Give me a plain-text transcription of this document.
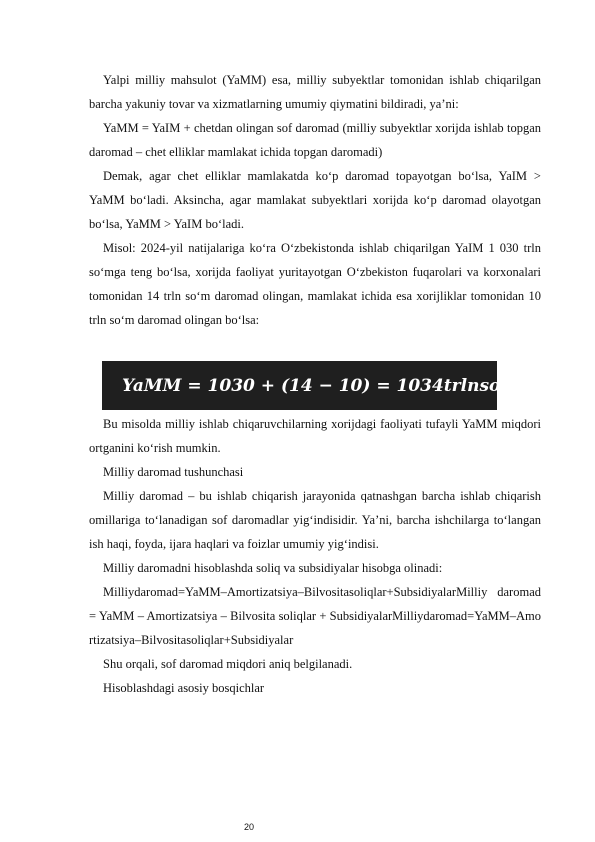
Yalpi milliy mahsulot (YaMM) esa, milliy subyektlar tomonidan ishlab chiqarilgan barcha yakuniy tovar va xizmatlarning umumiy qiymatini bildiradi, ya’ni:

YaMM = YaIM + chetdan olingan sof daromad (milliy subyektlar xorijda ishlab topgan daromad – chet elliklar mamlakat ichida topgan daromadi)

Demak, agar chet elliklar mamlakatda ko‘p daromad topayotgan bo‘lsa, YaIM > YaMM bo‘ladi. Aksincha, agar mamlakat subyektlari xorijda ko‘p daromad olayotgan bo‘lsa, YaMM > YaIM bo‘ladi.

Misol: 2024-yil natijalariga ko‘ra O‘zbekistonda ishlab chiqarilgan YaIM 1 030 trln so‘mga teng bo‘lsa, xorijda faoliyat yuritayotgan O‘zbekiston fuqarolari va korxonalari tomonidan 14 trln so‘m daromad olingan, mamlakat ichida esa xorijliklar tomonidan 10 trln so‘m daromad olingan bo‘lsa:

YaMM = 1030 + (14 − 10) = 1034trlnso‘m

Bu misolda milliy ishlab chiqaruvchilarning xorijdagi faoliyati tufayli YaMM miqdori ortganini ko‘rish mumkin.

Milliy daromad tushunchasi

Milliy daromad – bu ishlab chiqarish jarayonida qatnashgan barcha ishlab chiqarish omillariga to‘lanadigan sof daromadlar yig‘indisidir. Ya’ni, barcha ishchilarga to‘langan ish haqi, foyda, ijara haqlari va foizlar umumiy yig‘indisi.

Milliy daromadni hisoblashda soliq va subsidiyalar hisobga olinadi:

Milliydaromad=YaMM–Amortizatsiya–Bilvositasoliqlar+SubsidiyalarMilliy daromad = YaMM – Amortizatsiya – Bilvosita soliqlar + SubsidiyalarMilliydaromad=YaMM–Amortizatsiya–Bilvositasoliqlar+Subsidiyalar

Shu orqali, sof daromad miqdori aniq belgilanadi.

Hisoblashdagi asosiy bosqichlar

20
